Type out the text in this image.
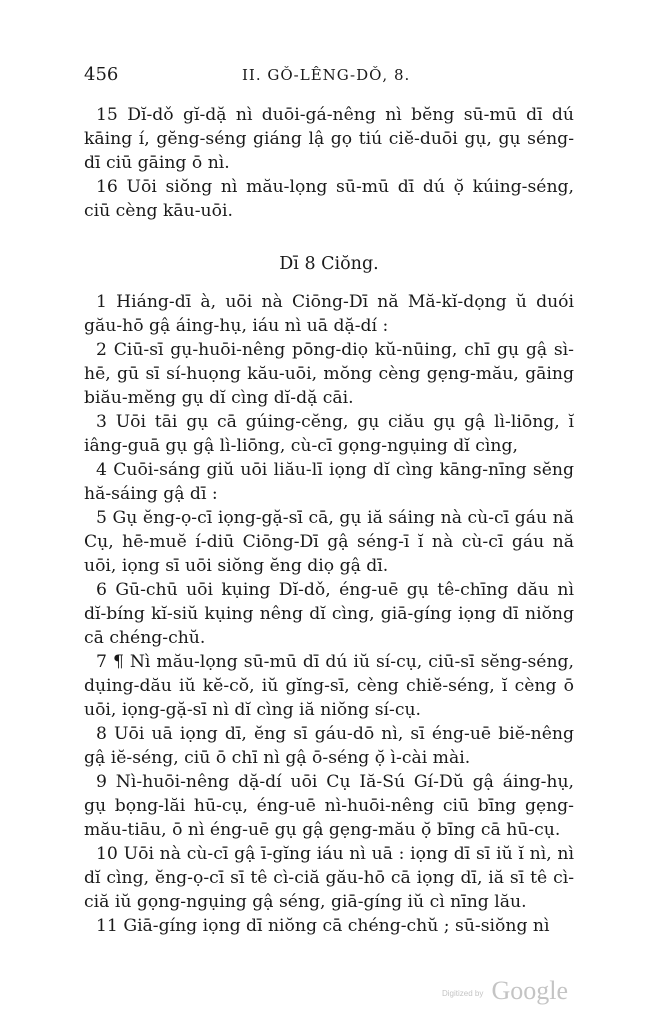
456	II. GǑ-LÊNG-DǑ, 8.

15 Dĭ-dǒ gĭ-dặ nì duōi-gá-nêng nì bĕng sū-mū dī dú kāing í, gĕng-séng giáng lậ gọ tiú ciĕ-duōi gụ, gụ séng-dī ciū gāing ō nì.

16 Uōi siŏng nì mău-lọng sū-mū dī dú ọ̆ kúing-séng, ciū cèng kāu-uōi.

Dī 8 Ciŏng.

1 Hiáng-dī à, uōi nà Ciōng-Dī nă Mă-kĭ-dọng ŭ duói gău-hō gậ áing-hụ, iáu nì uā dặ-dí :

2 Ciū-sī gụ-huōi-nêng pōng-diọ kŭ-nūing, chī gụ gậ sì-hē, gū sī sí-huọng kău-uōi, mŏng cèng gẹng-mău, gāing biău-mĕng gụ dĭ cìng dĭ-dặ cāi.

3 Uōi tāi gụ cā gúing-cĕng, gụ ciău gụ gậ lì-liōng, ĭ iâng-guā gụ gậ lì-liōng, cù-cī gọng-ngụing dĭ cìng,

4 Cuōi-sáng giŭ uōi liău-lī iọng dĭ cìng kāng-nīng sĕng hă-sáing gậ dī :

5 Gụ ĕng-ọ-cī iọng-gặ-sī cā, gụ iă sáing nà cù-cī gáu nă Cụ, hē-muĕ í-diū Ciōng-Dī gậ séng-ī ĭ nà cù-cī gáu nă uōi, iọng sī uōi siŏng ĕng diọ gậ dī.

6 Gū-chū uōi kụing Dĭ-dǒ, éng-uē gụ tê-chīng dău nì dĭ-bíng kĭ-siŭ kụing nêng dĭ cìng, giā-gíng iọng dī niŏng cā chéng-chŭ.

7 ¶ Nì mău-lọng sū-mū dī dú iŭ sí-cụ, ciū-sī sĕng-séng, dụing-dău iŭ kĕ-cŏ, iŭ gĭng-sī, cèng chiĕ-séng, ĭ cèng ō uōi, iọng-gặ-sī nì dĭ cìng iă niŏng sí-cụ.

8 Uōi uā iọng dī, ĕng sī gáu-dō nì, sī éng-uē biĕ-nêng gậ iĕ-séng, ciū ō chī nì gậ ō-séng ọ̆ ì-cài mài.

9 Nì-huōi-nêng dặ-dí uōi Cụ Iă-Sú Gí-Dŭ gậ áing-hụ, gụ bọng-lăi hū-cụ, éng-uē nì-huōi-nêng ciū bīng gẹng-mău-tiāu, ō nì éng-uē gụ gậ gẹng-mău ọ̆ bīng cā hū-cụ.

10 Uōi nà cù-cī gậ ī-gĭng iáu nì uā : iọng dī sī iŭ ĭ nì, nì dĭ cìng, ĕng-ọ-cī sī tê cì-ciă gău-hō cā iọng dī, iă sī tê cì-ciă iŭ gọng-ngụing gậ séng, giā-gíng iŭ cì nīng lău.

11 Giā-gíng iọng dī niŏng cā chéng-chŭ ; sū-siŏng nì

Digitized by Google
